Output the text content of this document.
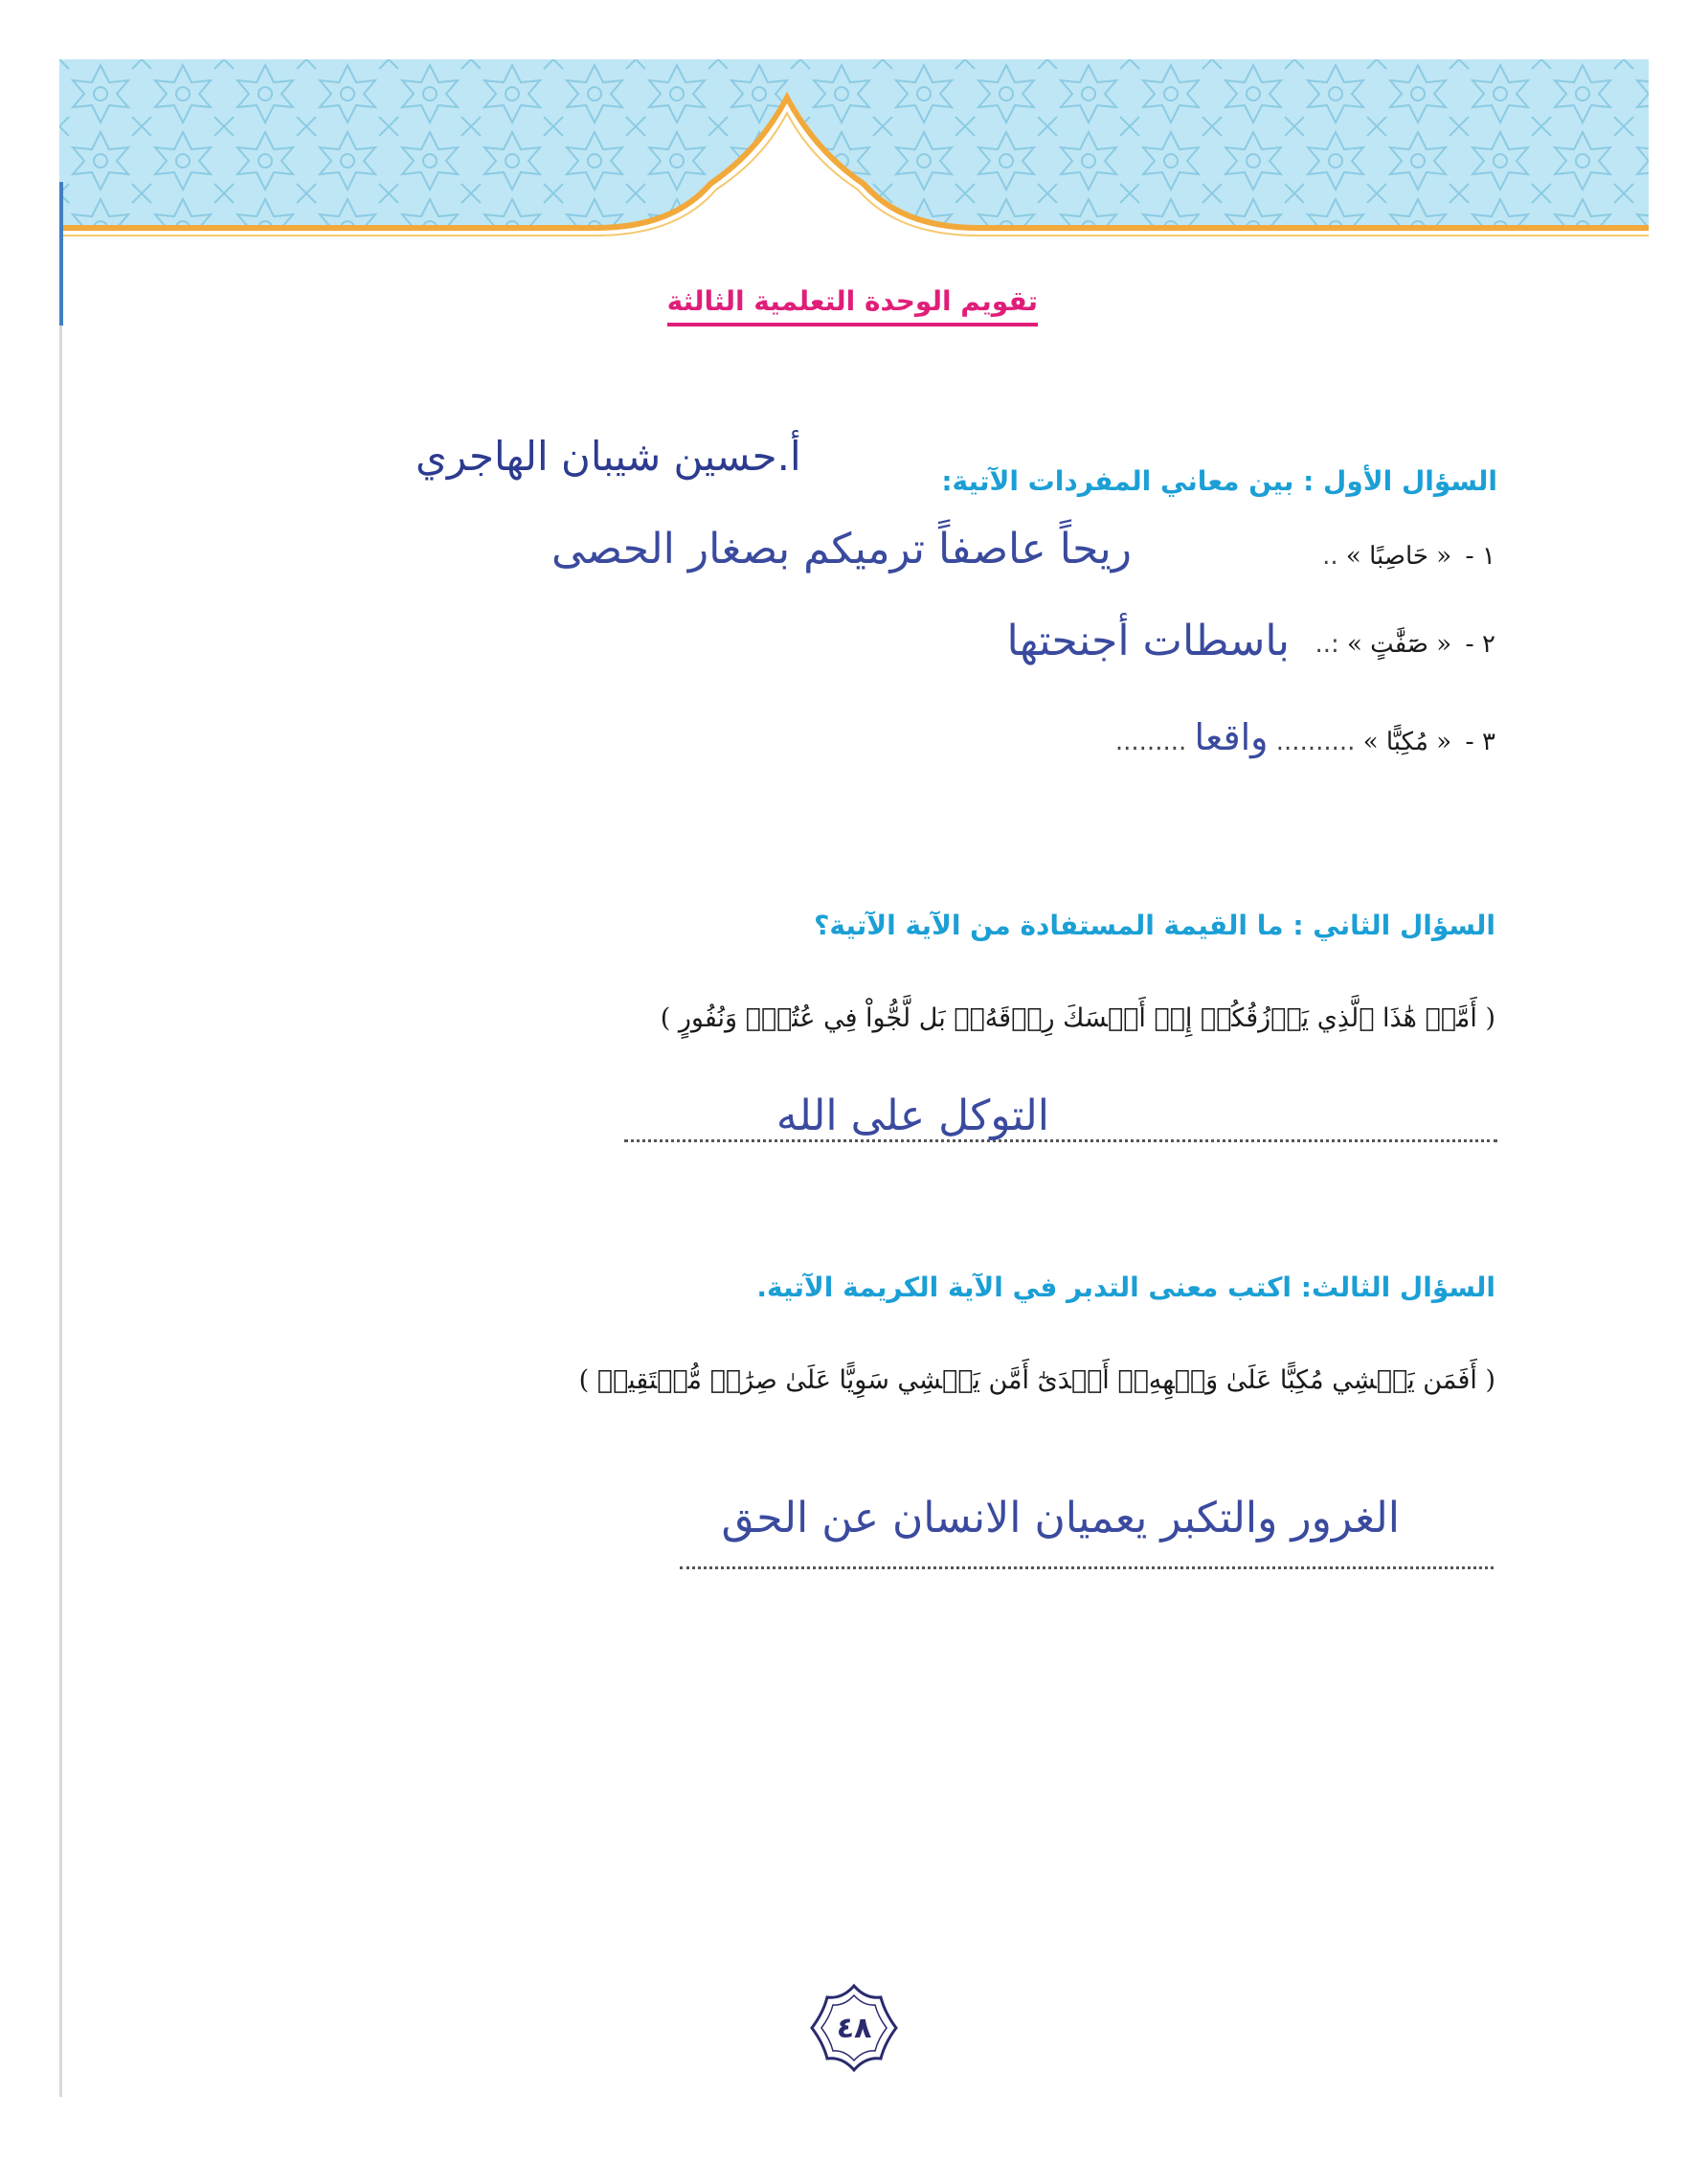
تقويم الوحدة التعلمية الثالثة
أ.حسين شيبان الهاجري
السؤال الأول : بين معاني المفردات الآتية:
١ - « حَاصِبًا » ..
ريحاً عاصفاً ترميكم بصغار الحصى
٢ - « صَٓفَّٰتٍ » :..
باسطات أجنحتها
٣ - « مُكِبًّا » .......... واقعا .........
السؤال الثاني : ما القيمة المستفادة من الآية الآتية؟
( أَمَّنۡ هَٰذَا ٱلَّذِي يَرۡزُقُكُمۡ إِنۡ أَمۡسَكَ رِزۡقَهُۥۚ بَل لَّجُّواْ فِي عُتُوّٖ وَنُفُورٍ )
التوكل على الله
السؤال الثالث: اكتب معنى التدبر في الآية الكريمة الآتية.
( أَفَمَن يَمۡشِي مُكِبًّا عَلَىٰ وَجۡهِهِۦٓ أَهۡدَىٰٓ أَمَّن يَمۡشِي سَوِيًّا عَلَىٰ صِرَٰطٖ مُّسۡتَقِيمٖ )
الغرور والتكبر يعميان الانسان عن الحق
٤٨
